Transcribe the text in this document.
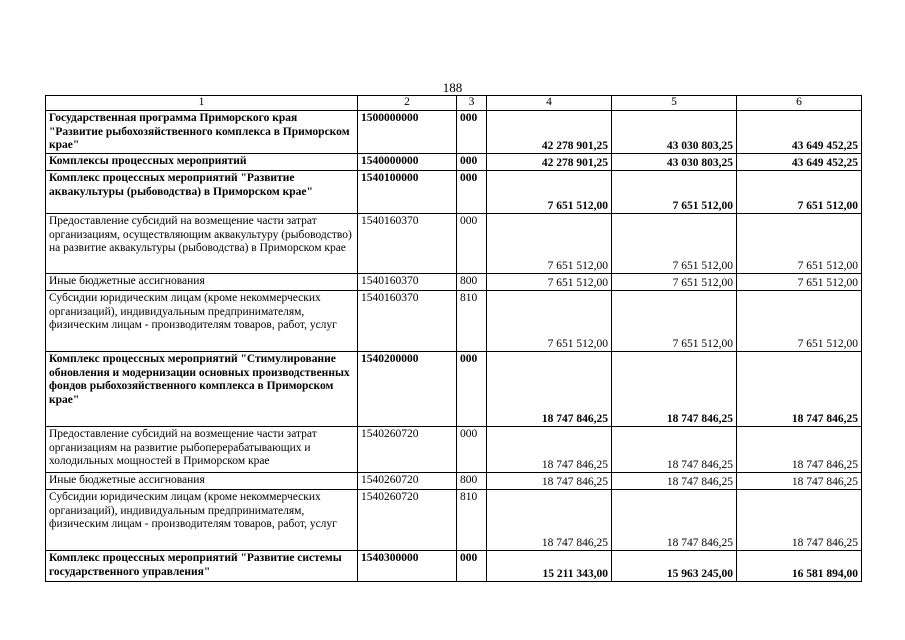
188
1	2	3	4	5	6
Государственная программа Приморского края "Развитие рыбохозяйственного комплекса в Приморском крае"	1500000000	000	42 278 901,25	43 030 803,25	43 649 452,25
Комплексы процессных мероприятий	1540000000	000	42 278 901,25	43 030 803,25	43 649 452,25
Комплекс процессных мероприятий "Развитие аквакультуры (рыбоводства) в Приморском крае"	1540100000	000	7 651 512,00	7 651 512,00	7 651 512,00
Предоставление субсидий на возмещение части затрат организациям, осуществляющим аквакультуру (рыбоводство) на развитие аквакультуры (рыбоводства) в Приморском крае	1540160370	000	7 651 512,00	7 651 512,00	7 651 512,00
Иные бюджетные ассигнования	1540160370	800	7 651 512,00	7 651 512,00	7 651 512,00
Субсидии юридическим лицам (кроме некоммерческих организаций), индивидуальным предпринимателям, физическим лицам - производителям товаров, работ, услуг	1540160370	810	7 651 512,00	7 651 512,00	7 651 512,00
Комплекс процессных мероприятий "Стимулирование обновления и модернизации основных производственных фондов рыбохозяйственного комплекса в Приморском крае"	1540200000	000	18 747 846,25	18 747 846,25	18 747 846,25
Предоставление субсидий на возмещение части затрат организациям на развитие рыбоперерабатывающих и холодильных мощностей в Приморском крае	1540260720	000	18 747 846,25	18 747 846,25	18 747 846,25
Иные бюджетные ассигнования	1540260720	800	18 747 846,25	18 747 846,25	18 747 846,25
Субсидии юридическим лицам (кроме некоммерческих организаций), индивидуальным предпринимателям, физическим лицам - производителям товаров, работ, услуг	1540260720	810	18 747 846,25	18 747 846,25	18 747 846,25
Комплекс процессных мероприятий "Развитие системы государственного управления"	1540300000	000	15 211 343,00	15 963 245,00	16 581 894,00
